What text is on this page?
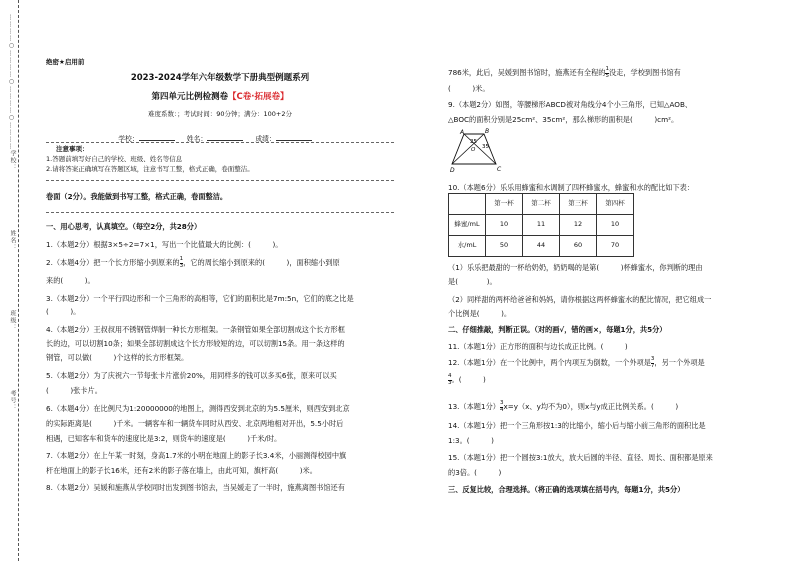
…………○…………○…………○…………
学校：
姓名：
班级：
考号：
绝密★启用前
2023-2024学年六年级数学下册典型例题系列
第四单元比例检测卷【C卷·拓展卷】
难度系数：；考试时间：90分钟；满分：100+2分
学校：	姓名：	成绩：
注意事项：
1.答题前填写好自己的学校、班级、姓名等信息
2.请将答案正确填写在答题区域，注意书写工整，格式正确，卷面整洁。
卷面（2分）。我能做到书写工整，格式正确，卷面整洁。
一、用心思考，认真填空。（每空2分，共28分）
1.（本题2分）根据3×5÷2=7×1，写出一个比值最大的比例：(　　　)。
2.（本题4分）把一个长方形缩小到原来的 $\frac{1}{3}$ ，它的周长缩小到原来的(　　　)，面积缩小到原
来的(　　　)。
3.（本题2分）一个平行四边形和一个三角形的高相等，它们的面积比是7m:5n，它们的底之比是
(　　　)。
4.（本题2分）王叔叔用不锈钢管焊制一种长方形框架。一条钢管如果全部切割成这个长方形框
长的边，可以切割10条；如果全部切割成这个长方形较短的边，可以切割15条。用一条这样的
钢管，可以做(　　　)个这样的长方形框架。
5.（本题2分）为了庆祝六一节每张卡片涨价20%，用同样多的钱可以多买6张，原来可以买
(　　　)张卡片。
6.（本题4分）在比例尺为1:20000000的地图上，测得西安到北京的为5.5厘米，则西安到北京
的实际距离是(　　　)千米。一辆客车和一辆货车同时从西安、北京两地相对开出，5.5小时后
相遇，已知客车和货车的速度比是3:2，则货车的速度是(　　　)千米/时。
7.（本题2分）在上午某一时刻，身高1.7米的小明在地面上的影子长3.4米，小丽测得校园中旗
杆在地面上的影子长16米，还有2米的影子落在墙上，由此可知，旗杆高(　　　)米。
8.（本题2分）吴媛和施燕从学校同时出发到图书馆去，当吴媛走了一半时，施燕离图书馆还有
786米，此后，吴媛到图书馆时，施燕还有全程的 $\frac{1}{5}$ 没走，学校到图书馆有
(　　　)米。
9.（本题2分）如图，等腰梯形ABCD被对角线分4个小三角形，已知△AOB、
△BOC的面积分别是25cm²、35cm²，那么梯形的面积是(　　　)cm²。
A	B
C
D
O
25
35
10.（本题6分）乐乐用蜂蜜和水调制了四杯蜂蜜水，蜂蜜和水的配比如下表：
	第一杯	第二杯	第三杯	第四杯
蜂蜜/mL	10	11	12	10
水/mL	50	44	60	70
（1）乐乐把最甜的一杯给奶奶，奶奶喝的是第(　　　)杯蜂蜜水，你判断的理由
是(　　　　)。
（2）同样甜的两杯给爸爸和妈妈，请你根据这两杯蜂蜜水的配比情况，把它组成一
个比例是(　　　)。
二、仔细推敲，判断正误。（对的画√，错的画×，每题1分，共5分）
11.（本题1分）正方形的面积与边长成正比例。(　　　)
12.（本题1分）在一个比例中，两个内项互为倒数，一个外项是 $\frac{3}{7}$ ，另一个外项是
$\frac{4}{3}$ 。(　　　)
13.（本题1分） $\frac{3}{4} x=y(x$、y均不为0），则x与y成正比例关系。(　　　)
14.（本题1分）把一个三角形按1:3的比缩小，缩小后与缩小前三角形的面积比是
1:3。(　　　)
15.（本题1分）把一个圆按3:1放大，放大后圆的半径、直径、周长、面积都是原来
的3倍。(　　　)
三、反复比较，合理选择。（将正确的选项填在括号内，每题1分，共5分）
